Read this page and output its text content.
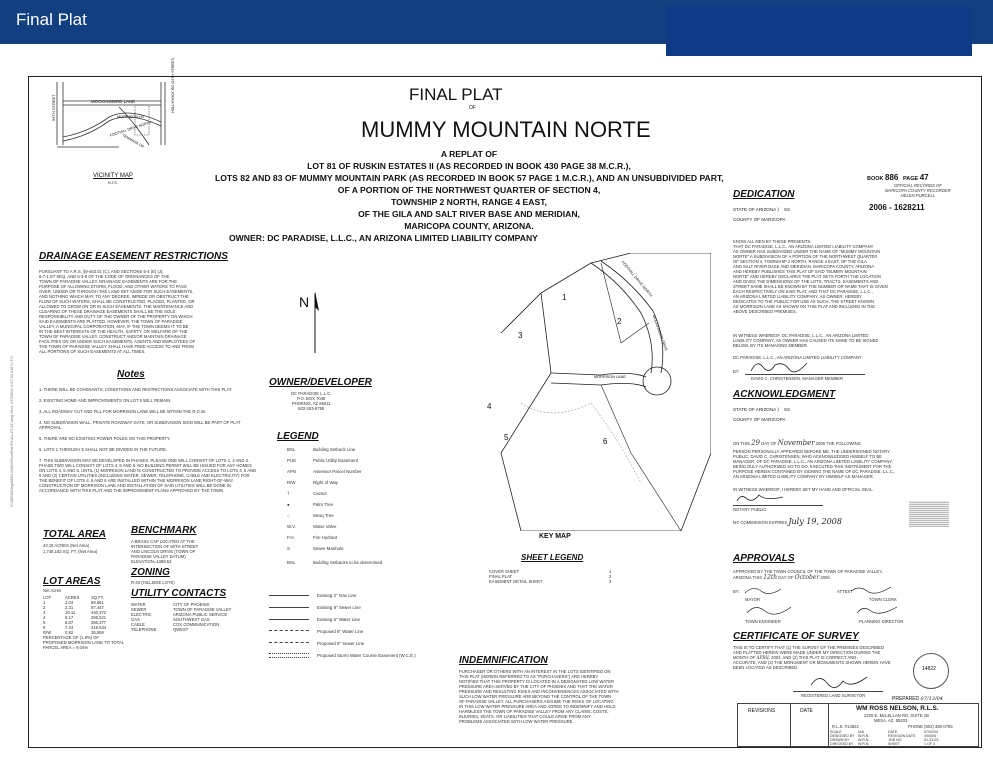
Final Plat
S:\0850\Dwg\0850-MMN\FinalPlat\FINAL-PLAT.dwg Mon, 07/29/04 9:47:01 AM N.T.S.
MOCKINGBIRD LANE
56TH STREET	MORRISON LN
FOOTHILL DRIVE NORTH
TAMARISK DR
HOLLYHOCK RD (64TH STREET)
VICINITY MAP
N.T.S.
FINAL PLAT
OF
MUMMY MOUNTAIN NORTE
A REPLAT OF
LOT 81 OF RUSKIN ESTATES II (AS RECORDED IN BOOK 430 PAGE 38 M.C.R.),
LOTS 82 AND 83 OF MUMMY MOUNTAIN PARK (AS RECORDED IN BOOK 57 PAGE 1 M.C.R.), AND AN UNSUBDIVIDED PART,
OF A PORTION OF THE NORTHWEST QUARTER OF SECTION 4,
TOWNSHIP 2 NORTH, RANGE 4 EAST,
OF THE GILA AND SALT RIVER BASE AND MERIDIAN,
MARICOPA COUNTY, ARIZONA.
OWNER: DC PARADISE, L.L.C., AN ARIZONA LIMITED LIABILITY COMPANY
DRAINAGE EASEMENT RESTRICTIONS
PURSUANT TO A.R.S. §9-463.01 (C), AND SECTIONS 6-4 (E) (J),
6-7-1 ET SEQ. AND 6-3-8 OF THE CODE OF ORDINANCES OF THE
TOWN OF PARADISE VALLEY, DRAINAGE EASEMENTS ARE FOR THE
PURPOSE OF ALLOWING STORM, FLOOD, AND OTHER WATERS TO PASS
OVER, UNDER OR THROUGH THE LAND SET ASIDE FOR SUCH EASEMENTS,
AND NOTHING WHICH MAY, TO ANY DEGREE, IMPEDE OR OBSTRUCT THE
FLOW OF SUCH WATERS, SHALL BE CONSTRUCTED, PLACED, PLANTED, OR
ALLOWED TO GROW ON OR IN SUCH EASEMENTS. THE MAINTENANCE AND
CLEARING OF THESE DRAINAGE EASEMENTS SHALL BE THE SOLE
RESPONSIBILITY AND DUTY OF THE OWNER OF THE PROPERTY ON WHICH
SAID EASEMENTS ARE PLATTED. HOWEVER, THE TOWN OF PARADISE
VALLEY, A MUNICIPAL CORPORATION, MAY, IF THE TOWN DEEMS IT TO BE
IN THE BEST INTERESTS OF THE HEALTH, SAFETY, OR WELFARE OF THE
TOWN OF PARADISE VALLEY, CONSTRUCT AND/OR MAINTAIN DRAINAGE
FACILITIES ON OR UNDER SUCH EASEMENTS. AGENTS AND EMPLOYEES OF
THE TOWN OF PARADISE VALLEY SHALL HAVE FREE ACCESS TO AND FROM
ALL PORTIONS OF SUCH EASEMENTS AT ALL TIMES.
N
Notes
1. THERE WILL BE COVENANTS, CONDITIONS AND RESTRICTIONS ASSOCIATE WITH THIS PLAT.
2. EXISTING HOME AND IMPROVEMENTS ON LOT 5 WILL REMAIN.
3. ALL ROADWAY CUT AND FILL FOR MORRISON LANE WILL BE WITHIN THE R.O.W.
4. NO SUBDIVISION WALL, PRIVATE ROADWAY GATE, OR SUBDIVISION SIGN WILL BE PART OF PLAT APPROVAL.
5. THERE ARE NO EXISTING POWER POLES ON THIS PROPERTY.
6. LOTS 1 THROUGH 5 SHALL NOT BE DIVIDED IN THE FUTURE.
7. THIS SUBDIVISION MAY BE DEVELOPED IN PHASES. PLEASE ONE WILL CONSIST OF LOTS 1, 2 AND 3. PHASE TWO WILL CONSIST OF LOTS 4, 5 AND 6. NO BUILDING PERMIT WILL BE ISSUED FOR ANY HOMES ON LOTS 4, 5 AND 6, UNTIL (1) MORRISON LAND IS CONSTRUCTED TO PROVIDE ACCESS TO LOTS 4, 5 AND 6 AND (2) CERTAIN UTILITIES (INCLUDING WATER, SEWER, TELEPHONE, CABLE AND ELECTRICITY) FOR THE BENEFIT OF LOTS 4, 5 AND 6 ARE INSTALLED WITHIN THE MORRISON LANE RIGHT-OF-WAY. CONSTRUCTION OF MORRISON LANE AND INSTALLATION OF SAID UTILITIES WILL BE DONE IN ACCORDANCE WITH THIS PLAT AND THE IMPROVEMENT PLANS APPROVED BY THE TOWN.
TOTAL AREA
43.18 ACRES (Net Area)
1,748,163 SQ. FT. (Net Area)
BENCHMARK
A BRASS CAP LOCATED AT THE
INTERSECTION OF 60TH STREET
AND LINCOLN DRIVE (TOWN OF
PARADISE VALLEY DATUM)
ELEVATION=1388.53
ZONING
R-43 (HILLSIDE LOTS)
LOT AREAS
Net Acres
LOT	ACRES	SQ.FT.
1	2.04	88,861
2	2.31	87,447
3	10.11	440,372
4	6.17	268,521
5	8.87	386,377
6	7.34	319,634
R/W	0.82	35,559
PERCENTAGE OF (1.9%) OF
PROPOSED MORRISON LANE TO TOTAL
PARCEL AREA = 9.04%
UTILITY CONTACTS
WATER	CITY OF PHOENIX
SEWER	TOWN OF PARADISE VALLEY
ELECTRIC	ARIZONA PUBLIC SERVICE
GAS	SOUTHWEST GAS
CABLE	COX COMMUNICATION
TELEPHONE	QWEST
OWNER/DEVELOPER
DC PARADISE L.L.C.
P.O. BOX 7046
PHOENIX, AZ 85011
602-263-8758
LEGEND
BSL	Building Setback Line
PUE	Public Utility Easement
APN	Assessor Parcel Number
R/W	Right of Way
†	Cactus
●	Palm Tree
○	Mesq Tree
W.V.	Water Valve
F.H.	Fire Hydrant
S	Sewer Manhole
BSL	Building Setbacks to be determined
Existing 2" Gas Line
Existing 8" Sewer Line
Existing 6" Water Line
Proposed 8" Water Line
Proposed 8" Sewer Line
Proposed Storm Water Course Easement (W.C.E.)
1
2
3
4
5	6
FOOTHILL DRIVE NORTH
MORRISON LANE
MOCKINGBIRD DRIVE
KEY MAP
SHEET LEGEND
COVER SHEET	1
FINAL PLAT	2
EASEMENT DETAIL SHEET	3
INDEMNIFICATION
PURCHASER OR OTHERS WITH AN INTEREST IN THE LOTS IDENTIFIED ON
THIS PLAT (HEREIN REFERRED TO AS "PURCHASERS") ARE HEREBY
NOTIFIED THAT THIS PROPERTY IS LOCATED IN A DESIGNATED LOW WATER
PRESSURE AREA SERVED BY THE CITY OF PHOENIX AND THAT THE WATER
PRESSURE AND RESULTING RISKS AND INCONVENIENCES ASSOCIATED WITH
SUCH LOW WATER PRESSURE ARE BEYOND THE CONTROL OF THE TOWN
OF PARADISE VALLEY. ALL PURCHASERS ASSUME THE RISKS OF LOCATING
IN THIS LOW WATER PRESSURE AREA AND AGREE TO INDEMNIFY AND HOLD
HARMLESS THE TOWN OF PARADISE VALLEY FROM ANY CLAIMS, COSTS,
INJURIES, SEATS, OR LIABILITIES THAT COULD ARISE FROM ANY
PROBLEMS ASSOCIATED WITH LOW WATER PRESSURE.
BOOK 886 PAGE 47
OFFICIAL RECORDS OF
MARICOPA COUNTY RECORDER
HELEN PURCELL
2006 - 1628211
DEDICATION
STATE OF ARIZONA )    SS
COUNTY OF MARICOPA
KNOW ALL MEN BY THESE PRESENTS:
THAT DC PARADISE, L.L.C., AN ARIZONA LIMITED LIABILITY COMPANY
AS OWNER HAS SUBDIVIDED UNDER THE NAME OF "MUMMY MOUNTAIN
NORTE" A SUBDIVISION OF A PORTION OF THE NORTHWEST QUARTER
OF SECTION 4, TOWNSHIP 2 NORTH, RANGE 4 EAST, OF THE GILA
AND SALT RIVER BASE AND MERIDIAN, MARICOPA COUNTY, ARIZONA
AND HEREBY PUBLISHES THIS PLAT OF SAID "MUMMY MOUNTAIN
NORTE" AND HEREBY DECLARES THE PLAT SETS FORTH THE LOCATION
AND GIVES THE DIMENSIONS OF THE LOTS, TRACTS, EASEMENTS AND
STREET SAME SHALL BE KNOWN BY THE NUMBER OR NAME THAT IS GIVEN
EACH RESPECTIVELY ON SAID PLAT, AND THAT DC PARADISE, L.L.C.,
AN ARIZONA LIMITED LIABILITY COMPANY, AS OWNER, HEREBY
DEDICATES TO THE PUBLIC FOR USE AS SUCH, THE STREET KNOWN
AS MORRISON LANE AS SHOWN ON THIS PLAT AND INCLUDED IN THE
ABOVE DESCRIBED PREMISES.
IN WITNESS WHEREOF, DC PARADISE, L.L.C., AN ARIZONA LIMITED
LIABILITY COMPANY, AS OWNER HAS CAUSED ITS NAME TO BE SIGNED
BELOW, BY ITS MANAGING MEMBER.
DC PARADISE, L.L.C., AN ARIZONA LIMITED LIABILITY COMPANY
BY:
DAVID C. CHRISTENSEN, MANAGER MEMBER
ACKNOWLEDGMENT
STATE OF ARIZONA )    SS
COUNTY OF MARICOPA
ON THIS 29 DAY OF November 2006 THE FOLLOWING
PERSON PERSONALLY APPEARED BEFORE ME, THE UNDERSIGNED NOTARY
PUBLIC, DAVID C. CHRISTENSEN, WHO ACKNOWLEDGED HIMSELF TO BE
MANAGER, OF DC PARADISE, L.L.C., AN ARIZONA LIMITED LIABILITY COMPANY,
BEING DULY AUTHORIZED SO TO DO, EXECUTED THIS INSTRUMENT FOR THE
PURPOSE HEREIN CONTAINED BY SIGNING THE NAME OF DC PARADISE, L.L.C.,
AN ARIZONA LIMITED LIABILITY COMPANY BY HIMSELF AS MANAGER.
IN WITNESS WHEREOF, I HEREBY SET MY HAND AND OFFICIAL SEAL.
NOTARY PUBLIC
MY COMMISSION EXPIRES July 19, 2008
APPROVALS
APPROVED BY THE TOWN COUNCIL OF THE TOWN OF PARADISE VALLEY,
ARIZONA THIS 12th DAY OF October 2006
BY:
MAYOR
ATTEST
TOWN CLERK
TOWN ENGINEER	PLANNING DIRECTOR
CERTIFICATE OF SURVEY
THIS IS TO CERTIFY THAT (1) THE SURVEY OF THE PREMISES DESCRIBED
AND PLATTED HEREIN WERE MADE UNDER MY DIRECTION DURING THE
MONTH OF APRIL 2003, AND (2) THIS PLAT IS CORRECT AND
ACCURATE, AND (3) THE MONUMENT OR MONUMENTS SHOWN HEREIN HAVE
BEEN LOCATED AS DESCRIBED.
REGISTERED LAND SURVEYOR
14822
REVISIONS	DATE
PREPARED 07/13/04
WM ROSS NELSON, R.L.S.
2220 E. McLELLAN RD. SUITE 1B
MESA, AZ. 85203
R.L.S. #14822	PHONE (602) 380-0765
SCALE	N/A	DATE	07/02/04
DESIGNED BY W.R.N.	REVISION DATE	4/04/05
DRAWN BY	W.R.N.	JOB NO.	01-33-03
CHECKED BY	W.R.N.	SHEET	1 OF 3
